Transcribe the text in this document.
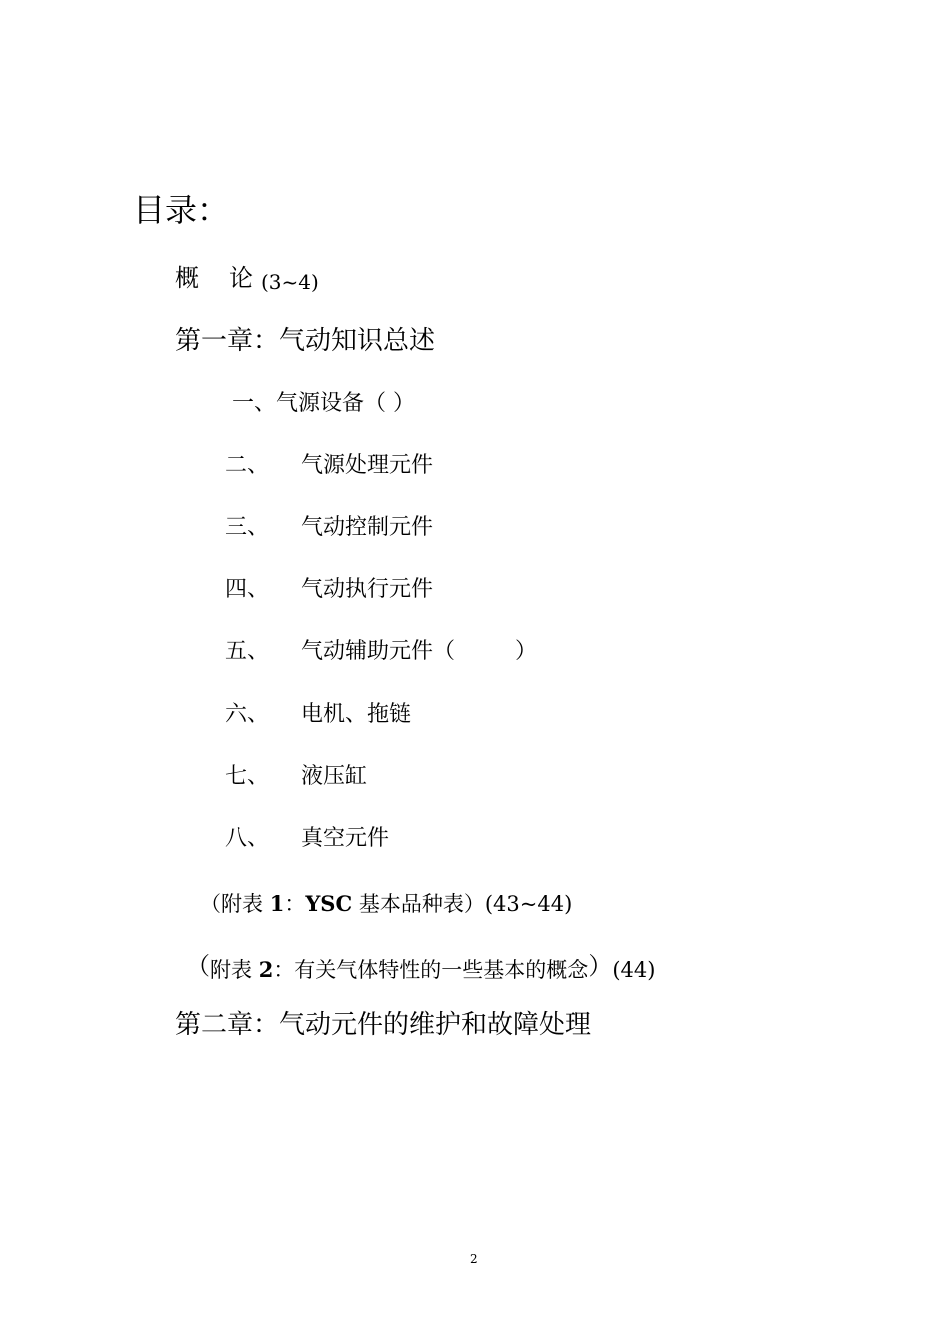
目录：
概 论 (3~4)
第一章：气动知识总述
一、气源设备（ ）
二、 气源处理元件
三、 气动控制元件
四、 气动执行元件
五、 气动辅助元件（	）
六、 电机、拖链
七、 液压缸
八、 真空元件
（附表 1：YSC 基本品种表）(43~44)
（附表 2：有关气体特性的一些基本的概念）(44)
第二章：气动元件的维护和故障处理
2
